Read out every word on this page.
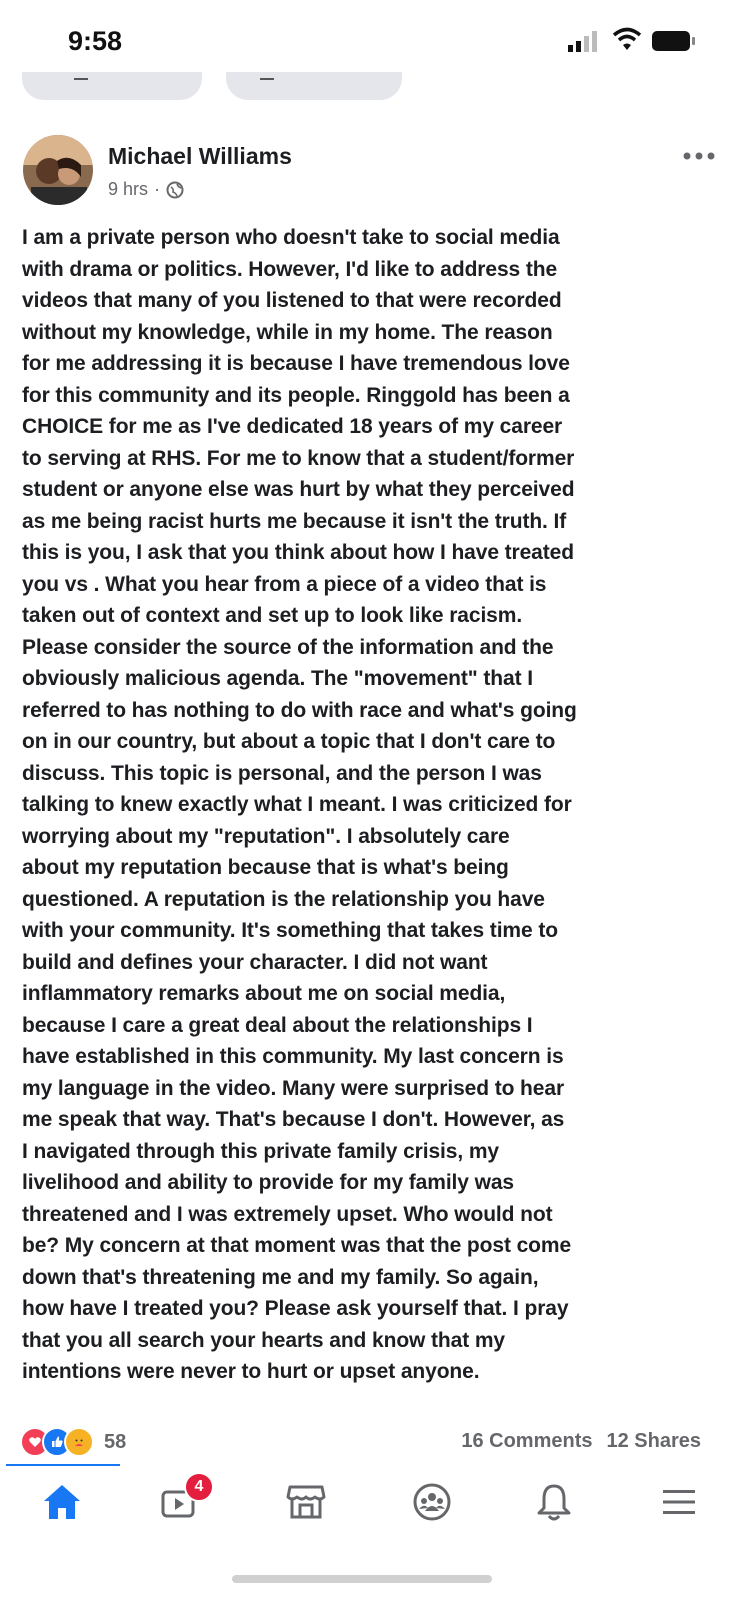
9:58
Michael Williams
9 hrs ·
I am a private person who doesn't take to social media
with drama or politics. However, I'd like to address the
videos that many of you listened to that were recorded
without my knowledge, while in my home. The reason
for me addressing it is because I have tremendous love
for this community and its people. Ringgold has been a
CHOICE for me as I've dedicated 18 years of my career
to serving at RHS. For me to know that a student/former
student or anyone else was hurt by what they perceived
as me being racist hurts me because it isn't the truth. If
this is you, I ask that you think about how I have treated
you vs . What you hear from a piece of a video that is
taken out of context and set up to look like racism.
Please consider the source of the information and the
obviously malicious agenda. The "movement" that I
referred to has nothing to do with race and what's going
on in our country, but about a topic that I don't care to
discuss. This topic is personal, and the person I was
talking to knew exactly what I meant. I was criticized for
worrying about my "reputation". I absolutely care
about my reputation because that is what's being
questioned. A reputation is the relationship you have
with your community. It's something that takes time to
build and defines your character. I did not want
inflammatory remarks about me on social media,
because I care a great deal about the relationships I
have established in this community. My last concern is
my language in the video. Many were surprised to hear
me speak that way. That's because I don't. However, as
I navigated through this private family crisis, my
livelihood and ability to provide for my family was
threatened and I was extremely upset. Who would not
be? My concern at that moment was that the post come
down that's threatening me and my family. So again,
how have I treated you? Please ask yourself that. I pray
that you all search your hearts and know that my
intentions were never to hurt or upset anyone.
58	16 Comments 12 Shares
4
